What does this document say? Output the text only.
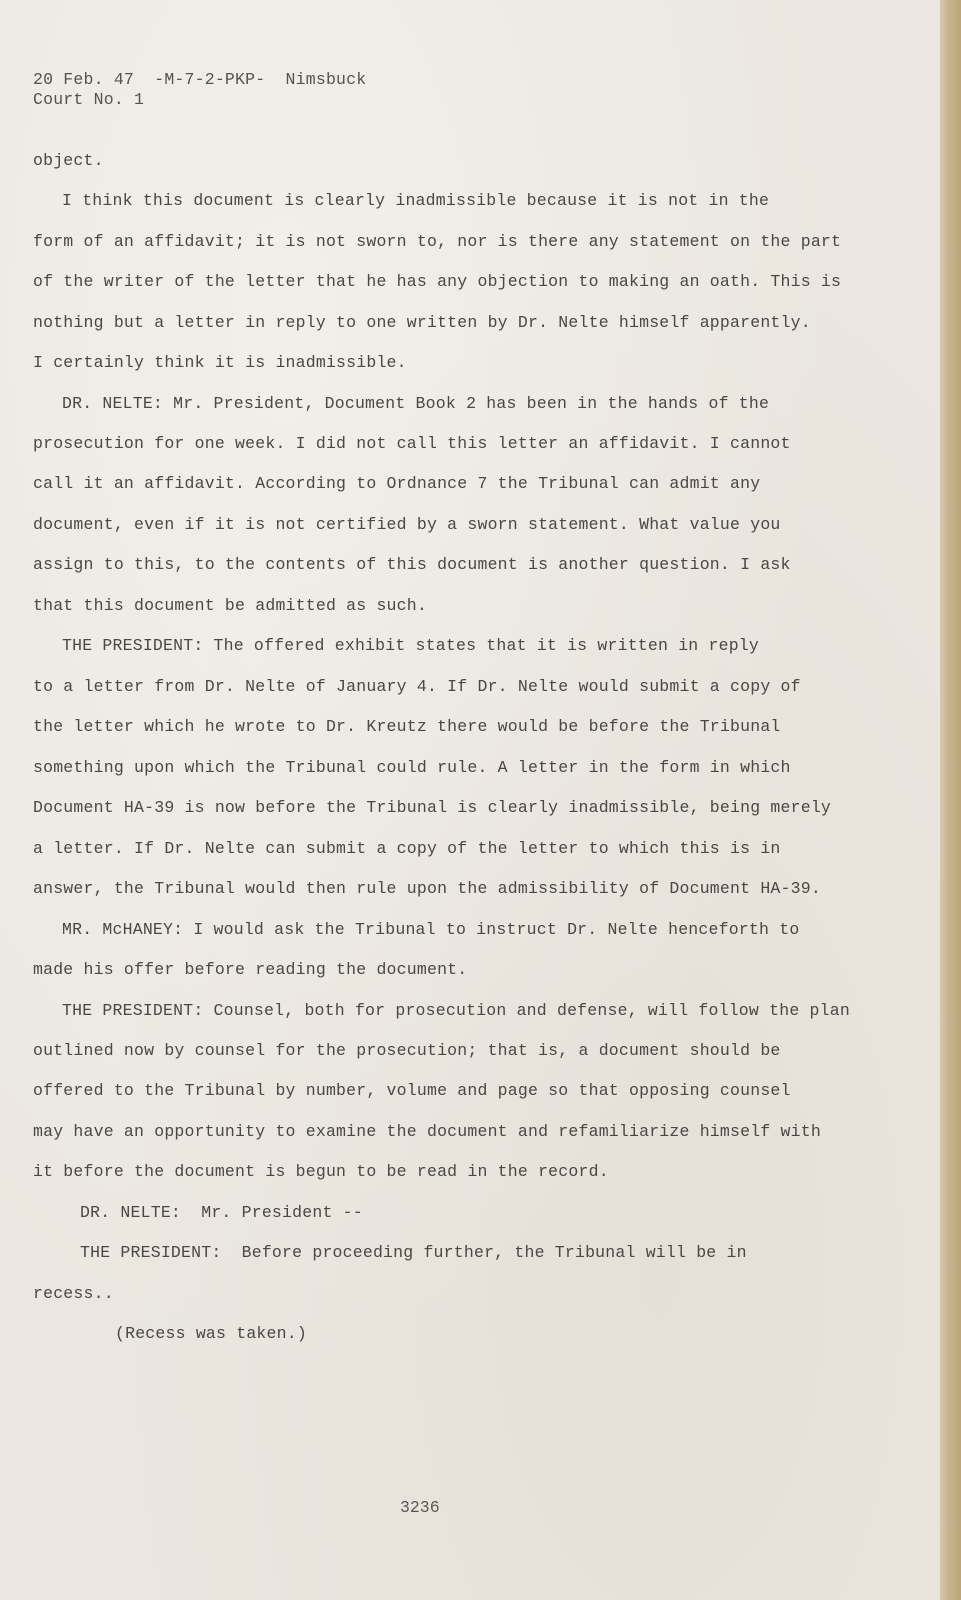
20 Feb. 47  -M-7-2-PKP-  Nimsbuck

Court No. 1

object.

I think this document is clearly inadmissible because it is not in the

form of an affidavit; it is not sworn to, nor is there any statement on the part

of the writer of the letter that he has any objection to making an oath. This is

nothing but a letter in reply to one written by Dr. Nelte himself apparently.

I certainly think it is inadmissible.

DR. NELTE: Mr. President, Document Book 2 has been in the hands of the

prosecution for one week. I did not call this letter an affidavit. I cannot

call it an affidavit. According to Ordnance 7 the Tribunal can admit any

document, even if it is not certified by a sworn statement. What value you

assign to this, to the contents of this document is another question. I ask

that this document be admitted as such.

THE PRESIDENT: The offered exhibit states that it is written in reply

to a letter from Dr. Nelte of January 4. If Dr. Nelte would submit a copy of

the letter which he wrote to Dr. Kreutz there would be before the Tribunal

something upon which the Tribunal could rule. A letter in the form in which

Document HA-39 is now before the Tribunal is clearly inadmissible, being merely

a letter. If Dr. Nelte can submit a copy of the letter to which this is in

answer, the Tribunal would then rule upon the admissibility of Document HA-39.

MR. McHANEY: I would ask the Tribunal to instruct Dr. Nelte henceforth to

made his offer before reading the document.

THE PRESIDENT: Counsel, both for prosecution and defense, will follow the plan

outlined now by counsel for the prosecution; that is, a document should be

offered to the Tribunal by number, volume and page so that opposing counsel

may have an opportunity to examine the document and refamiliarize himself with

it before the document is begun to be read in the record.

DR. NELTE:  Mr. President --

THE PRESIDENT:  Before proceeding further, the Tribunal will be in

recess..

(Recess was taken.)

3236
